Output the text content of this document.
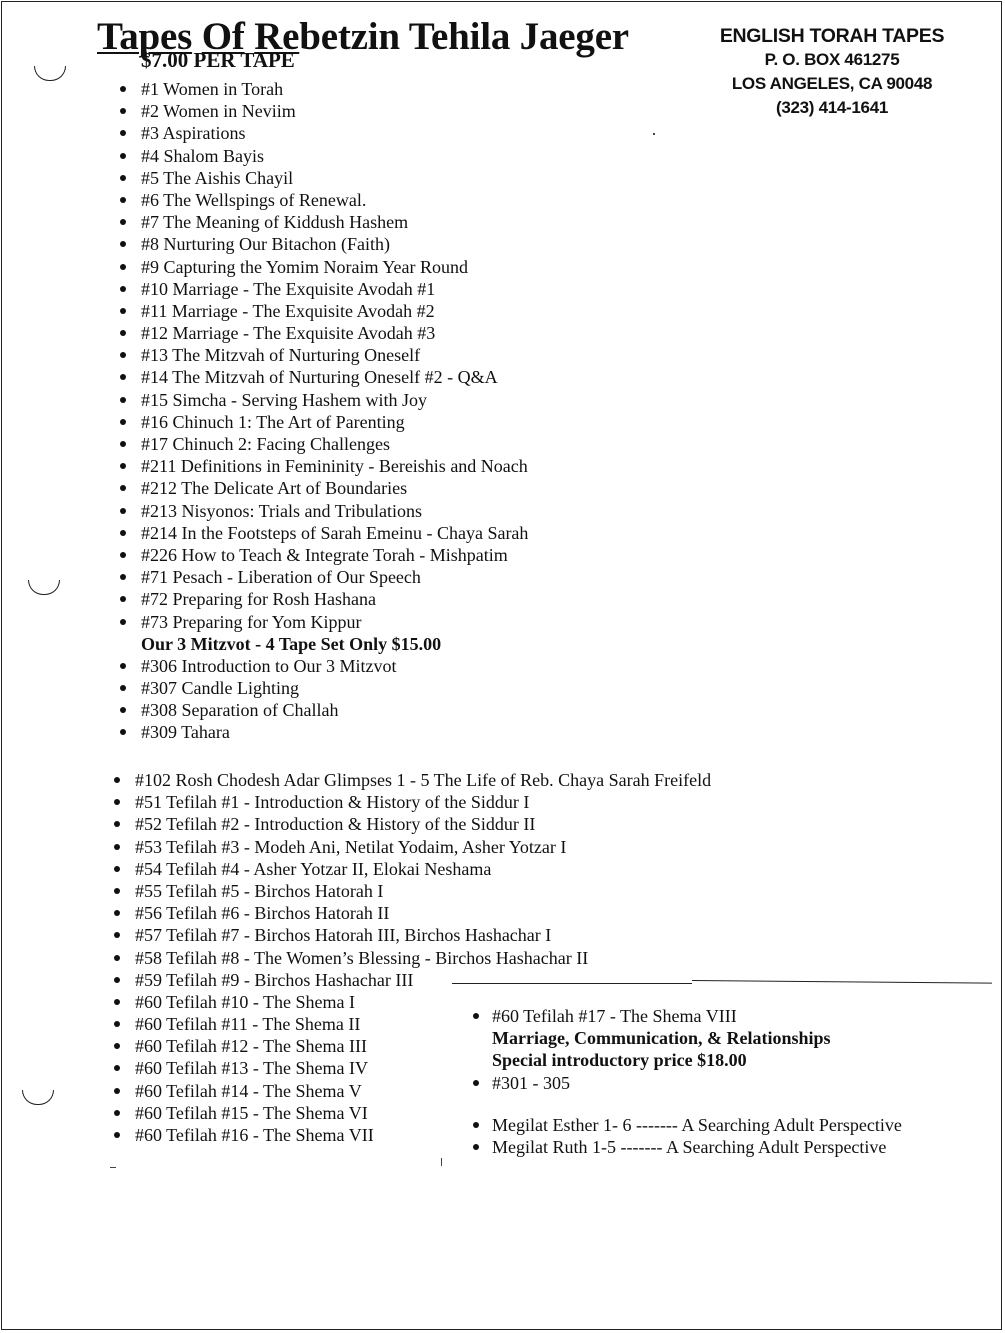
Tapes Of Rebetzin Tehila Jaeger
$7.00 PER TAPE
ENGLISH TORAH TAPES
P. O. BOX 461275
LOS ANGELES, CA 90048
(323) 414-1641
#1 Women in Torah
#2 Women in Neviim
#3 Aspirations
#4 Shalom Bayis
#5 The Aishis Chayil
#6 The Wellspings of Renewal.
#7 The Meaning of Kiddush Hashem
#8 Nurturing Our Bitachon (Faith)
#9 Capturing the Yomim Noraim Year Round
#10 Marriage - The Exquisite Avodah #1
#11 Marriage - The Exquisite Avodah #2
#12 Marriage - The Exquisite Avodah #3
#13 The Mitzvah of Nurturing Oneself
#14 The Mitzvah of Nurturing Oneself #2 - Q&A
#15 Simcha - Serving Hashem with Joy
#16 Chinuch 1: The Art of Parenting
#17 Chinuch 2: Facing Challenges
#211 Definitions in Femininity - Bereishis and Noach
#212 The Delicate Art of Boundaries
#213 Nisyonos: Trials and Tribulations
#214 In the Footsteps of Sarah Emeinu - Chaya Sarah
#226 How to Teach & Integrate Torah - Mishpatim
#71 Pesach - Liberation of Our Speech
#72 Preparing for Rosh Hashana
#73 Preparing for Yom Kippur
Our 3 Mitzvot - 4 Tape Set Only $15.00
#306 Introduction to Our 3 Mitzvot
#307 Candle Lighting
#308 Separation of Challah
#309 Tahara
#102 Rosh Chodesh Adar Glimpses 1 - 5 The Life of Reb. Chaya Sarah Freifeld
#51 Tefilah #1 - Introduction & History of the Siddur I
#52 Tefilah #2 - Introduction & History of the Siddur II
#53 Tefilah #3 - Modeh Ani, Netilat Yodaim, Asher Yotzar I
#54 Tefilah #4 - Asher Yotzar II, Elokai Neshama
#55 Tefilah #5 - Birchos Hatorah I
#56 Tefilah #6 - Birchos Hatorah II
#57 Tefilah #7 - Birchos Hatorah III, Birchos Hashachar I
#58 Tefilah #8 - The Women’s Blessing - Birchos Hashachar II
#59 Tefilah #9 - Birchos Hashachar III
#60 Tefilah #10 - The Shema I
#60 Tefilah #11 - The Shema II
#60 Tefilah #12 - The Shema III
#60 Tefilah #13 - The Shema IV
#60 Tefilah #14 - The Shema V
#60 Tefilah #15 - The Shema VI
#60 Tefilah #16 - The Shema VII
#60 Tefilah #17 - The Shema VIII
Marriage, Communication, & Relationships
Special introductory price $18.00
#301 - 305
Megilat Esther 1- 6 ------- A Searching Adult Perspective
Megilat Ruth 1-5 ------- A Searching Adult Perspective
